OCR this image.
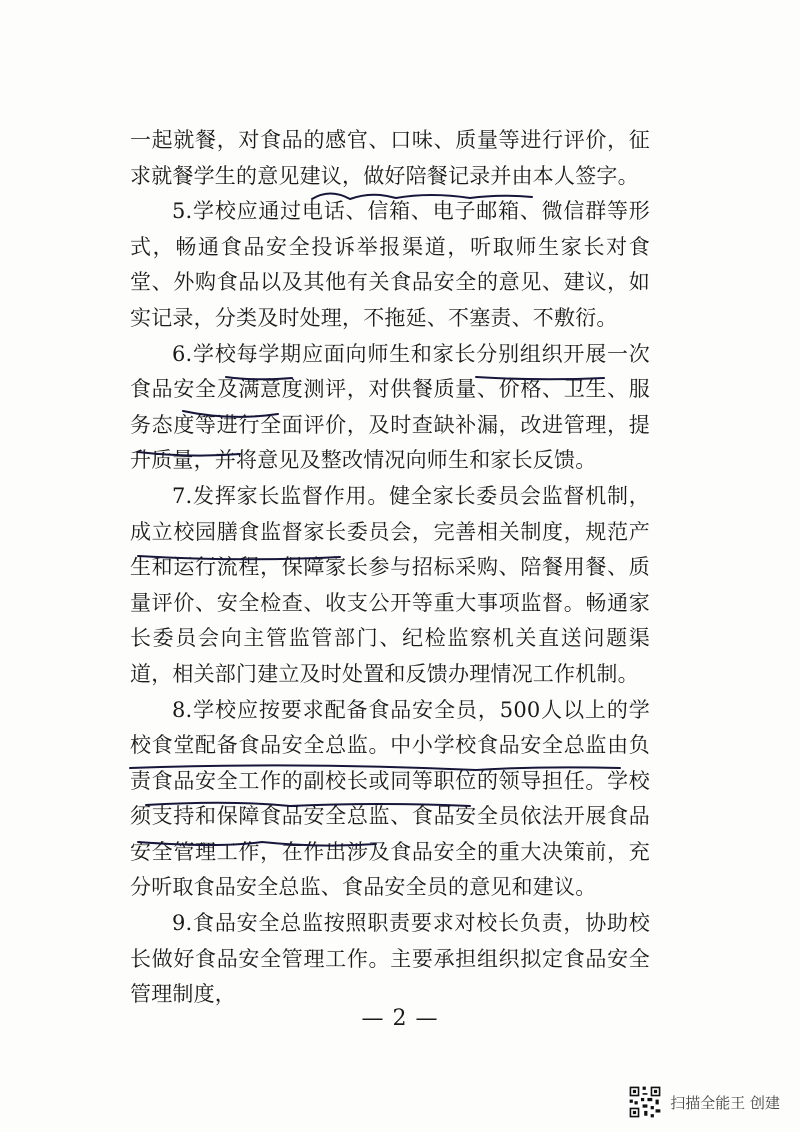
一起就餐，对食品的感官、口味、质量等进行评价，征求就餐学生的意见建议，做好陪餐记录并由本人签字。

5.学校应通过电话、信箱、电子邮箱、微信群等形式，畅通食品安全投诉举报渠道，听取师生家长对食堂、外购食品以及其他有关食品安全的意见、建议，如实记录，分类及时处理，不拖延、不塞责、不敷衍。

6.学校每学期应面向师生和家长分别组织开展一次食品安全及满意度测评，对供餐质量、价格、卫生、服务态度等进行全面评价，及时查缺补漏，改进管理，提升质量，并将意见及整改情况向师生和家长反馈。

7.发挥家长监督作用。健全家长委员会监督机制，成立校园膳食监督家长委员会，完善相关制度，规范产生和运行流程，保障家长参与招标采购、陪餐用餐、质量评价、安全检查、收支公开等重大事项监督。畅通家长委员会向主管监管部门、纪检监察机关直送问题渠道，相关部门建立及时处置和反馈办理情况工作机制。

8.学校应按要求配备食品安全员，500人以上的学校食堂配备食品安全总监。中小学校食品安全总监由负责食品安全工作的副校长或同等职位的领导担任。学校须支持和保障食品安全总监、食品安全员依法开展食品安全管理工作，在作出涉及食品安全的重大决策前，充分听取食品安全总监、食品安全员的意见和建议。

9.食品安全总监按照职责要求对校长负责，协助校长做好食品安全管理工作。主要承担组织拟定食品安全管理制度，

— 2 —
扫描全能王 创建
